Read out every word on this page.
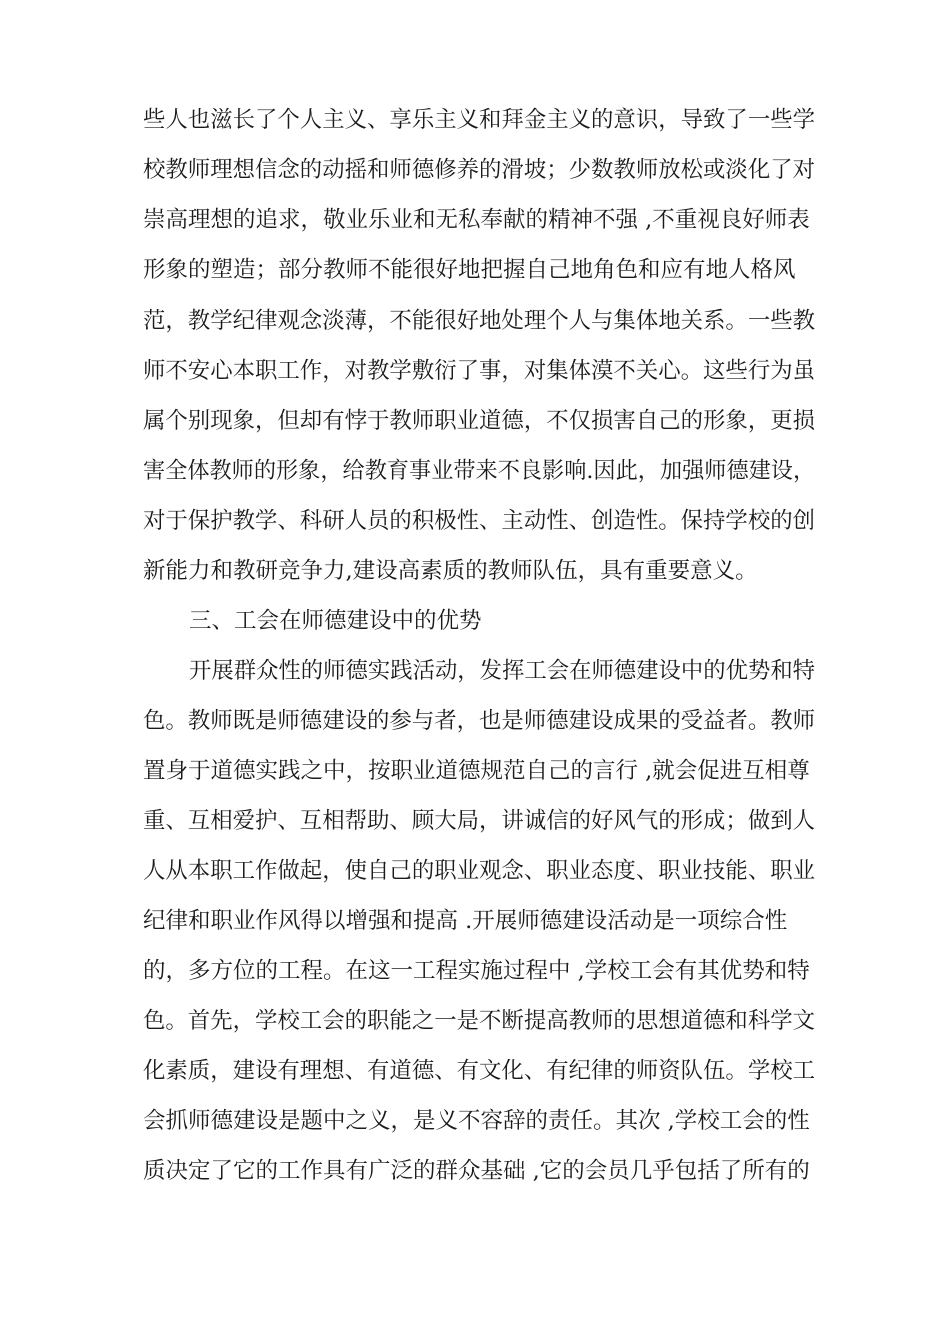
些人也滋长了个人主义、享乐主义和拜金主义的意识，导致了一些学

校教师理想信念的动摇和师德修养的滑坡；少数教师放松或淡化了对

崇高理想的追求，敬业乐业和无私奉献的精神不强 ,不重视良好师表

形象的塑造；部分教师不能很好地把握自己地角色和应有地人格风

范，教学纪律观念淡薄，不能很好地处理个人与集体地关系。一些教

师不安心本职工作，对教学敷衍了事，对集体漠不关心。这些行为虽

属个别现象，但却有悖于教师职业道德，不仅损害自己的形象，更损

害全体教师的形象，给教育事业带来不良影响.因此，加强师德建设，

对于保护教学、科研人员的积极性、主动性、创造性。保持学校的创

新能力和教研竞争力,建设高素质的教师队伍，具有重要意义。

三、工会在师德建设中的优势

开展群众性的师德实践活动，发挥工会在师德建设中的优势和特

色。教师既是师德建设的参与者，也是师德建设成果的受益者。教师

置身于道德实践之中，按职业道德规范自己的言行 ,就会促进互相尊

重、互相爱护、互相帮助、顾大局，讲诚信的好风气的形成；做到人

人从本职工作做起，使自己的职业观念、职业态度、职业技能、职业

纪律和职业作风得以增强和提高 .开展师德建设活动是一项综合性

的，多方位的工程。在这一工程实施过程中 ,学校工会有其优势和特

色。首先，学校工会的职能之一是不断提高教师的思想道德和科学文

化素质，建设有理想、有道德、有文化、有纪律的师资队伍。学校工

会抓师德建设是题中之义，是义不容辞的责任。其次 ,学校工会的性

质决定了它的工作具有广泛的群众基础 ,它的会员几乎包括了所有的
